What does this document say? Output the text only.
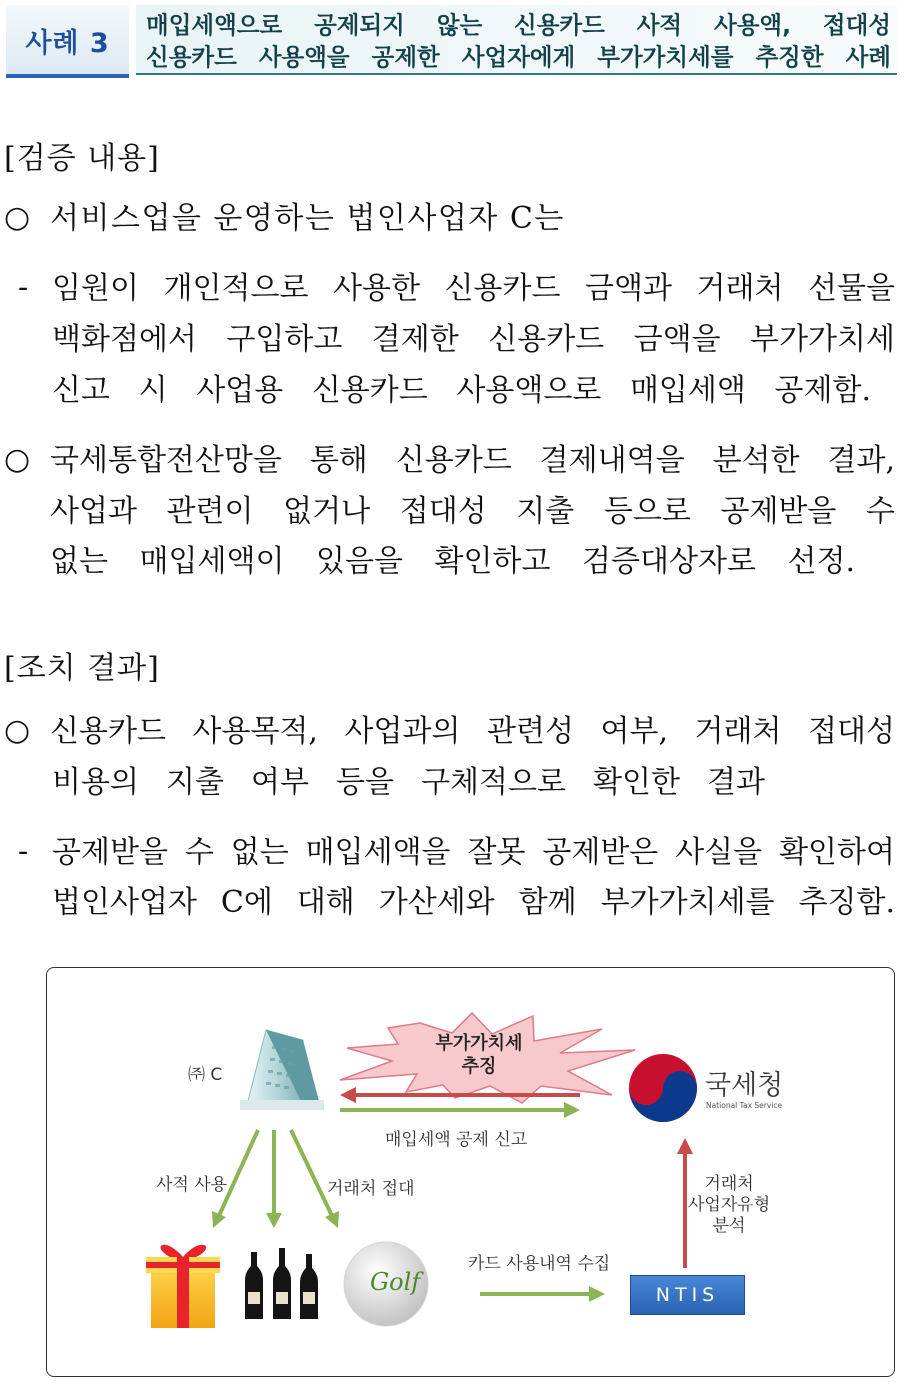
사례 3
매입세액으로 공제되지 않는 신용카드 사적 사용액, 접대성
신용카드 사용액을 공제한 사업자에게 부가가치세를 추징한 사례
[검증 내용]
○ 서비스업을 운영하는 법인사업자 C는
- 임원이 개인적으로 사용한 신용카드 금액과 거래처 선물을
백화점에서 구입하고 결제한 신용카드 금액을 부가가치세
신고 시 사업용 신용카드 사용액으로 매입세액 공제함.
○ 국세통합전산망을 통해 신용카드 결제내역을 분석한 결과,
사업과 관련이 없거나 접대성 지출 등으로 공제받을 수
없는 매입세액이 있음을 확인하고 검증대상자로 선정.
[조치 결과]
○ 신용카드 사용목적, 사업과의 관련성 여부, 거래처 접대성
비용의 지출 여부 등을 구체적으로 확인한 결과
- 공제받을 수 없는 매입세액을 잘못 공제받은 사실을 확인하여
법인사업자 C에 대해 가산세와 함께 부가가치세를 추징함.
Golf
㈜ C
부가가치세
추징
매입세액 공제 신고
사적 사용	거래처 접대
카드 사용내역 수집
거래처
사업자유형
분석
국세청
National Tax Service
NTIS
